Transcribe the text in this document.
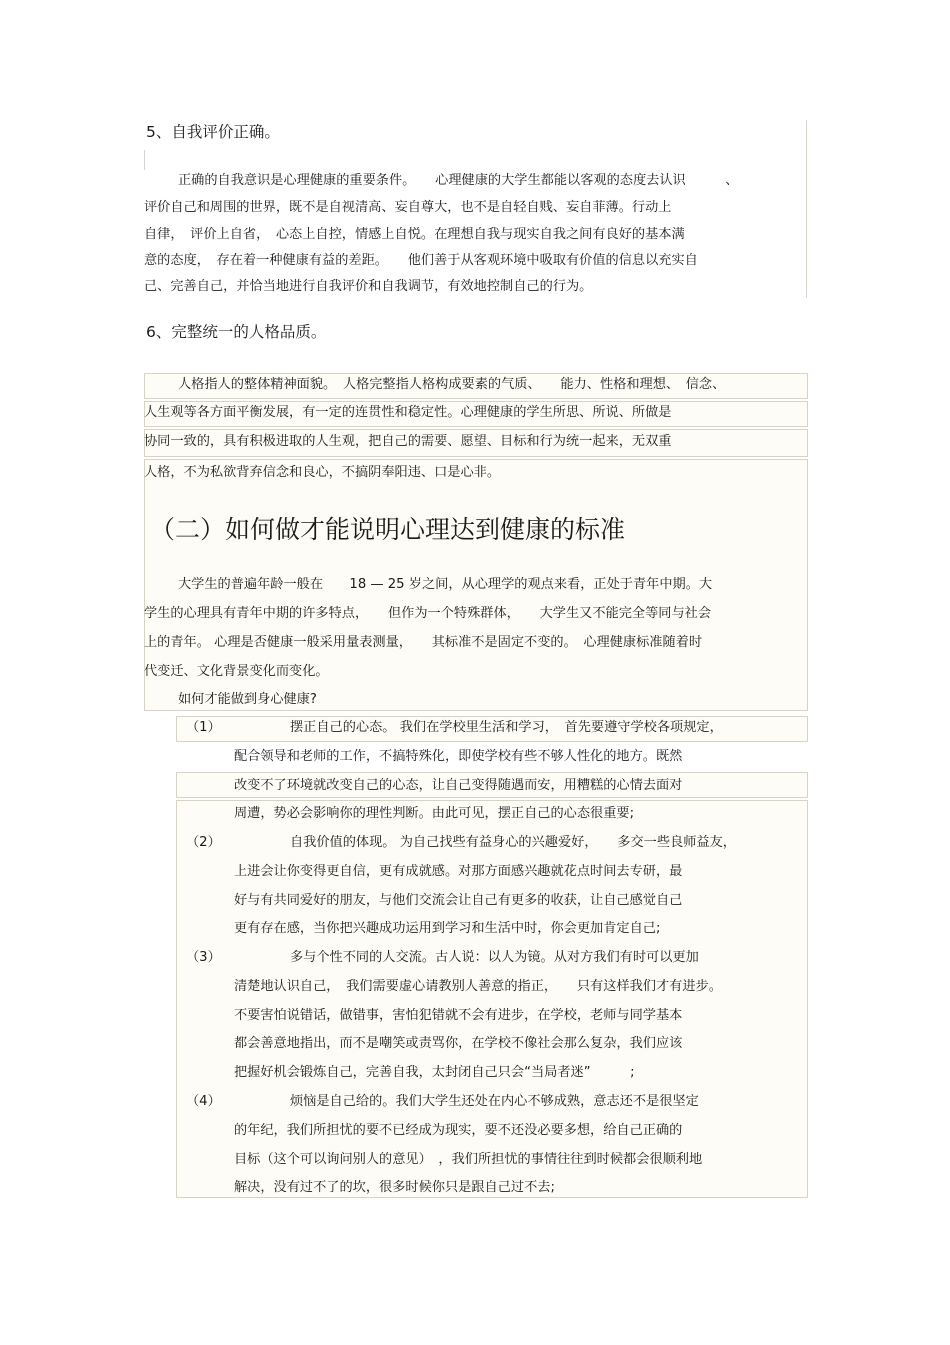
5、自我评价正确。
正确的自我意识是心理健康的重要条件。　　心理健康的大学生都能以客观的态度去认识　　　、
评价自己和周围的世界，既不是自视清高、妄自尊大，也不是自轻自贱、妄自菲薄。行动上
自律，　评价上自省，　心态上自控，情感上自悦。在理想自我与现实自我之间有良好的基本满
意的态度，　存在着一种健康有益的差距。　　他们善于从客观环境中吸取有价值的信息以充实自
己、完善自己，并恰当地进行自我评价和自我调节，有效地控制自己的行为。
6、完整统一的人格品质。
人格指人的整体精神面貌。　人格完整指人格构成要素的气质、　　能力、性格和理想、　信念、
人生观等各方面平衡发展，有一定的连贯性和稳定性。心理健康的学生所思、所说、所做是
协同一致的，具有积极进取的人生观，把自己的需要、愿望、目标和行为统一起来，无双重
人格，不为私欲背弃信念和良心，不搞阴奉阳违、口是心非。
（二）如何做才能说明心理达到健康的标准
大学生的普遍年龄一般在　　18 — 25 岁之间，从心理学的观点来看，正处于青年中期。大
学生的心理具有青年中期的许多特点，　　但作为一个特殊群体，　　大学生又不能完全等同与社会
上的青年。 心理是否健康一般采用量表测量，　　其标准不是固定不变的。　心理健康标准随着时
代变迁、文化背景变化而变化。
如何才能做到身心健康?
（1）	摆正自己的心态。 我们在学校里生活和学习，　首先要遵守学校各项规定，
配合领导和老师的工作，不搞特殊化，即使学校有些不够人性化的地方。既然
改变不了环境就改变自己的心态，让自己变得随遇而安，用糟糕的心情去面对
周遭，势必会影响你的理性判断。由此可见，摆正自己的心态很重要;
（2）	自我价值的体现。 为自己找些有益身心的兴趣爱好，　　多交一些良师益友，
上进会让你变得更自信，更有成就感。对那方面感兴趣就花点时间去专研，最
好与有共同爱好的朋友，与他们交流会让自己有更多的收获，让自己感觉自己
更有存在感，当你把兴趣成功运用到学习和生活中时，你会更加肯定自己;
（3）	多与个性不同的人交流。古人说：以人为镜。从对方我们有时可以更加
清楚地认识自己，　我们需要虚心请教别人善意的指正，　　只有这样我们才有进步。
不要害怕说错话，做错事，害怕犯错就不会有进步，在学校，老师与同学基本
都会善意地指出，而不是嘲笑或责骂你，在学校不像社会那么复杂，我们应该
把握好机会锻炼自己，完善自我，太封闭自己只会“当局者迷”　　　;
（4）	烦恼是自己给的。我们大学生还处在内心不够成熟，意志还不是很坚定
的年纪，我们所担忧的要不已经成为现实，要不还没必要多想，给自己正确的
目标（这个可以询问别人的意见）　，我们所担忧的事情往往到时候都会很顺利地
解决，没有过不了的坎，很多时候你只是跟自己过不去;
